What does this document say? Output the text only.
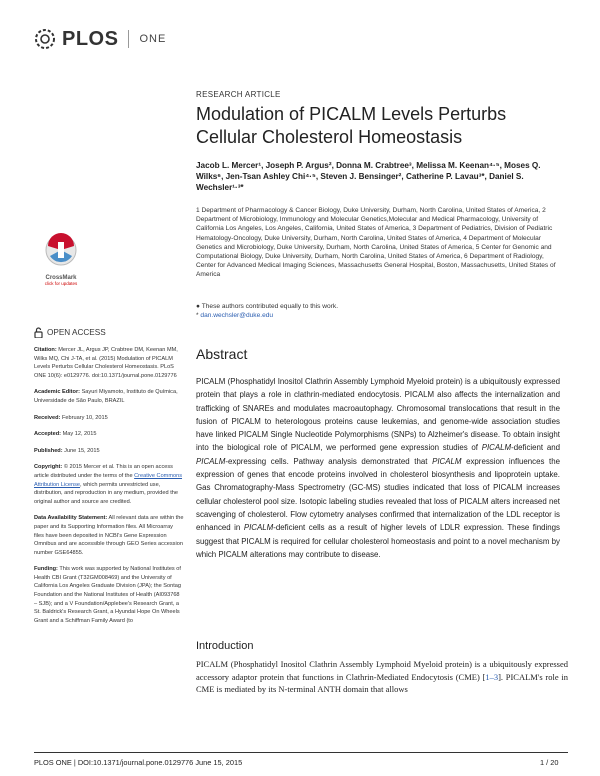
PLOS ONE
RESEARCH ARTICLE
Modulation of PICALM Levels Perturbs Cellular Cholesterol Homeostasis
Jacob L. Mercer¹, Joseph P. Argus², Donna M. Crabtree³, Melissa M. Keenan⁴·⁵, Moses Q. Wilks⁶, Jen-Tsan Ashley Chi⁴·⁵, Steven J. Bensinger², Catherine P. Lavau³*, Daniel S. Wechsler¹·³*
1 Department of Pharmacology & Cancer Biology, Duke University, Durham, North Carolina, United States of America, 2 Department of Microbiology, Immunology and Molecular Genetics,Molecular and Medical Pharmacology, University of California Los Angeles, Los Angeles, California, United States of America, 3 Department of Pediatrics, Division of Pediatric Hematology-Oncology, Duke University, Durham, North Carolina, United States of America, 4 Department of Molecular Genetics and Microbiology, Duke University, Durham, North Carolina, United States of America, 5 Center for Genomic and Computational Biology, Duke University, Durham, North Carolina, United States of America, 6 Department of Radiology, Center for Advanced Medical Imaging Sciences, Massachusetts General Hospital, Boston, Massachusetts, United States of America
● These authors contributed equally to this work.
* dan.wechsler@duke.edu
CrossMark
click for updates
OPEN ACCESS

Citation: Mercer JL, Argus JP, Crabtree DM, Keenan MM, Wilks MQ, Chi J-TA, et al. (2015) Modulation of PICALM Levels Perturbs Cellular Cholesterol Homeostasis. PLoS ONE 10(6): e0129776. doi:10.1371/journal.pone.0129776

Academic Editor: Sayuri Miyamoto, Instituto de Química, Universidade de São Paulo, BRAZIL

Received: February 10, 2015

Accepted: May 12, 2015

Published: June 15, 2015

Copyright: © 2015 Mercer et al. This is an open access article distributed under the terms of the Creative Commons Attribution License, which permits unrestricted use, distribution, and reproduction in any medium, provided the original author and source are credited.

Data Availability Statement: All relevant data are within the paper and its Supporting Information files. All Microarray files have been deposited in NCBI's Gene Expression Omnibus and are accessible through GEO Series accession number GSE64855.

Funding: This work was supported by National Institutes of Health CBI Grant (T32GM008469) and the University of California Los Angeles Graduate Division (JPA); the Sontag Foundation and the National Institutes of Health (AI093768 – SJB); and a V Foundation/Applebee's Research Grant, a St. Baldrick's Research Grant, a Hyundai Hope On Wheels Grant and a Schiffman Family Award (to

Abstract
PICALM (Phosphatidyl Inositol Clathrin Assembly Lymphoid Myeloid protein) is a ubiquitously expressed protein that plays a role in clathrin-mediated endocytosis. PICALM also affects the internalization and trafficking of SNAREs and modulates macroautophagy. Chromosomal translocations that result in the fusion of PICALM to heterologous proteins cause leukemias, and genome-wide association studies have linked PICALM Single Nucleotide Polymorphisms (SNPs) to Alzheimer's disease. To obtain insight into the biological role of PICALM, we performed gene expression studies of PICALM-deficient and PICALM-expressing cells. Pathway analysis demonstrated that PICALM expression influences the expression of genes that encode proteins involved in cholesterol biosynthesis and lipoprotein uptake. Gas Chromatography-Mass Spectrometry (GC-MS) studies indicated that loss of PICALM increases cellular cholesterol pool size. Isotopic labeling studies revealed that loss of PICALM alters increased net scavenging of cholesterol. Flow cytometry analyses confirmed that internalization of the LDL receptor is enhanced in PICALM-deficient cells as a result of higher levels of LDLR expression. These findings suggest that PICALM is required for cellular cholesterol homeostasis and point to a novel mechanism by which PICALM alterations may contribute to disease.
Introduction
PICALM (Phosphatidyl Inositol Clathrin Assembly Lymphoid Myeloid protein) is a ubiquitously expressed accessory adaptor protein that functions in Clathrin-Mediated Endocytosis (CME) [1–3]. PICALM's role in CME is mediated by its N-terminal ANTH domain that allows
PLOS ONE | DOI:10.1371/journal.pone.0129776 June 15, 2015	1 / 20
